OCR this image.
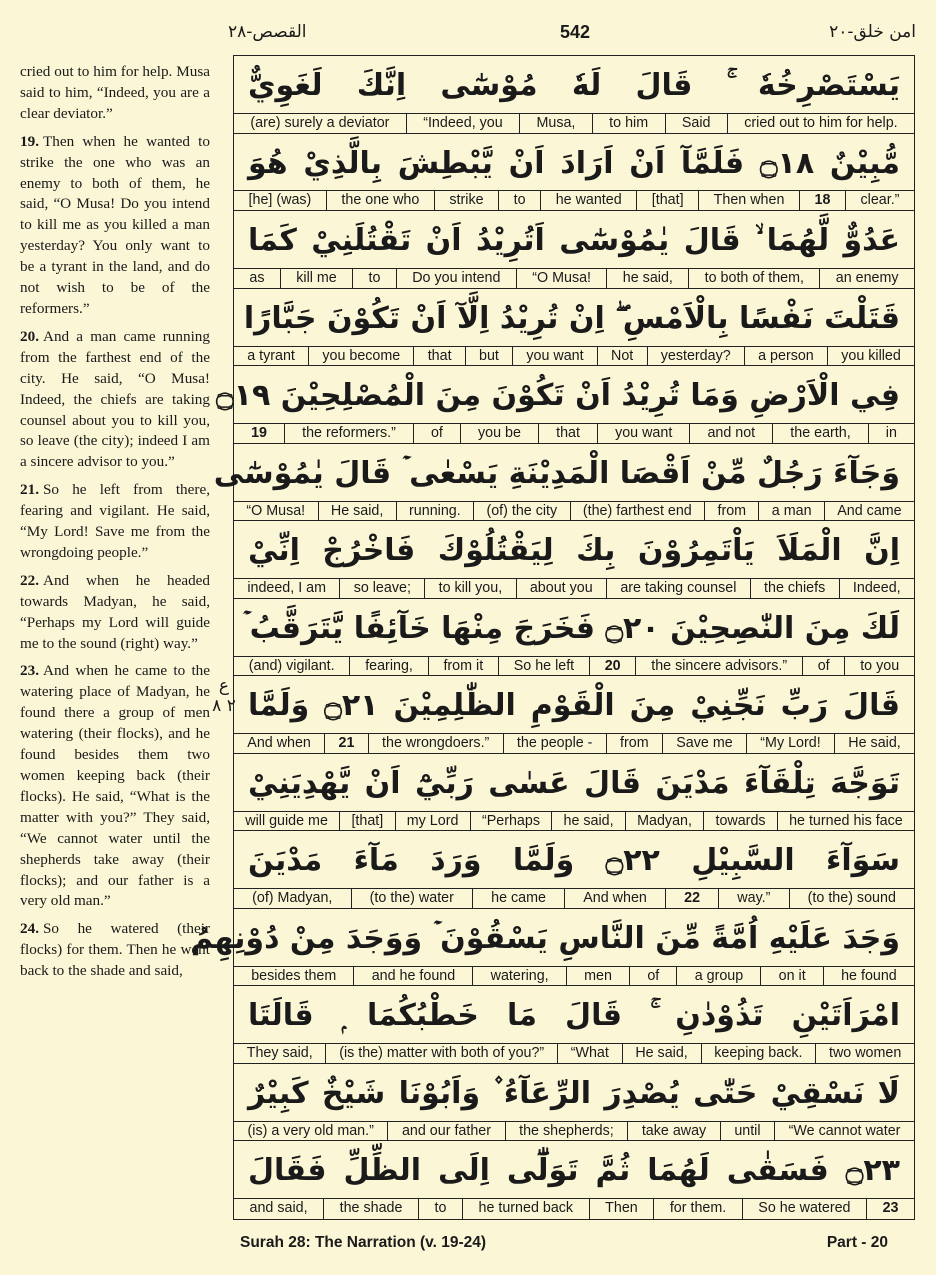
القصص-٢٨	542	امن خلق-٢٠

cried out to him for help. Musa said to him, “Indeed, you are a clear deviator.”

19. Then when he wanted to strike the one who was an enemy to both of them, he said, “O Musa! Do you intend to kill me as you killed a man yesterday? You only want to be a tyrant in the land, and do not wish to be of the reformers.”

20. And a man came running from the farthest end of the city. He said, “O Musa! Indeed, the chiefs are taking counsel about you to kill you, so leave (the city); indeed I am a sincere advisor to you.”

21. So he left from there, fearing and vigilant. He said, “My Lord! Save me from the wrongdoing people.”

22. And when he headed towards Madyan, he said, “Perhaps my Lord will guide me to the sound (right) way.”

23. And when he came to the watering place of Madyan, he found there a group of men watering (their flocks), and he found besides them two women keeping back (their flocks). He said, “What is the matter with you?” They said, “We cannot water until the shepherds take away (their flocks); and our father is a very old man.”

24. So he watered (their flocks) for them. Then he went back to the shade and said,

ع ٢ ٨
يَسْتَصْرِخُهٗ ۚ قَالَ لَهٗ مُوْسٰٓى اِنَّكَ لَغَوِيٌّ
(are) surely a deviator	“Indeed, you	Musa,	to him	Said	cried out to him for help.
مُّبِيْنٌ ۝١٨ فَلَمَّآ اَنْ اَرَادَ اَنْ يَّبْطِشَ بِالَّذِيْ هُوَ
[he] (was)	the one who	strike	to	he wanted	[that]	Then when	18	clear.”
عَدُوٌّ لَّهُمَا ۙ قَالَ يٰمُوْسٰٓى اَتُرِيْدُ اَنْ تَقْتُلَنِيْ كَمَا
as	kill me	to	Do you intend	“O Musa!	he said,	to both of them,	an enemy
قَتَلْتَ نَفْسًا بِالْاَمْسِ ۖ اِنْ تُرِيْدُ اِلَّآ اَنْ تَكُوْنَ جَبَّارًا
a tyrant	you become	that	but	you want	Not	yesterday?	a person	you killed
فِي الْاَرْضِ وَمَا تُرِيْدُ اَنْ تَكُوْنَ مِنَ الْمُصْلِحِيْنَ ۝١٩
19	the reformers.”	of	you be	that	you want	and not	the earth,	in
وَجَآءَ رَجُلٌ مِّنْ اَقْصَا الْمَدِيْنَةِ يَسْعٰى ۡ قَالَ يٰمُوْسٰٓى
“O Musa!	He said,	running.	(of) the city	(the) farthest end	from	a man	And came
اِنَّ الْمَلَاَ يَاْتَمِرُوْنَ بِكَ لِيَقْتُلُوْكَ فَاخْرُجْ اِنِّيْ
indeed, I am	so leave;	to kill you,	about you	are taking counsel	the chiefs	Indeed,
لَكَ مِنَ النّٰصِحِيْنَ ۝٢٠ فَخَرَجَ مِنْهَا خَآئِفًا يَّتَرَقَّبُ ۡ
(and) vigilant.	fearing,	from it	So he left	20	the sincere advisors.”	of	to you
قَالَ رَبِّ نَجِّنِيْ مِنَ الْقَوْمِ الظّٰلِمِيْنَ ۝٢١ وَلَمَّا
And when	21	the wrongdoers.”	the people -	from	Save me	“My Lord!	He said,
تَوَجَّهَ تِلْقَآءَ مَدْيَنَ قَالَ عَسٰى رَبِّيْٓ اَنْ يَّهْدِيَنِيْ
will guide me	[that]	my Lord	“Perhaps	he said,	Madyan,	towards	he turned his face
سَوَآءَ السَّبِيْلِ ۝٢٢ وَلَمَّا وَرَدَ مَآءَ مَدْيَنَ
(of) Madyan,	(to the) water	he came	And when	22	way.”	(to the) sound
وَجَدَ عَلَيْهِ اُمَّةً مِّنَ النَّاسِ يَسْقُوْنَ ۡ وَوَجَدَ مِنْ دُوْنِهِمُ
besides them	and he found	watering,	men	of	a group	on it	he found
امْرَاَتَيْنِ تَذُوْدٰنِ ۚ قَالَ مَا خَطْبُكُمَا ۭ قَالَتَا
They said,	(is the) matter with both of you?”	“What	He said,	keeping back.	two women
لَا نَسْقِيْ حَتّٰى يُصْدِرَ الرِّعَآءُ ۫ وَاَبُوْنَا شَيْخٌ كَبِيْرٌ
(is) a very old man.”	and our father	the shepherds;	take away	until	“We cannot water
۝٢٣ فَسَقٰى لَهُمَا ثُمَّ تَوَلّٰٓى اِلَى الظِّلِّ فَقَالَ
and said,	the shade	to	he turned back	Then	for them.	So he watered	23
Surah 28: The Narration (v. 19-24)	Part - 20
